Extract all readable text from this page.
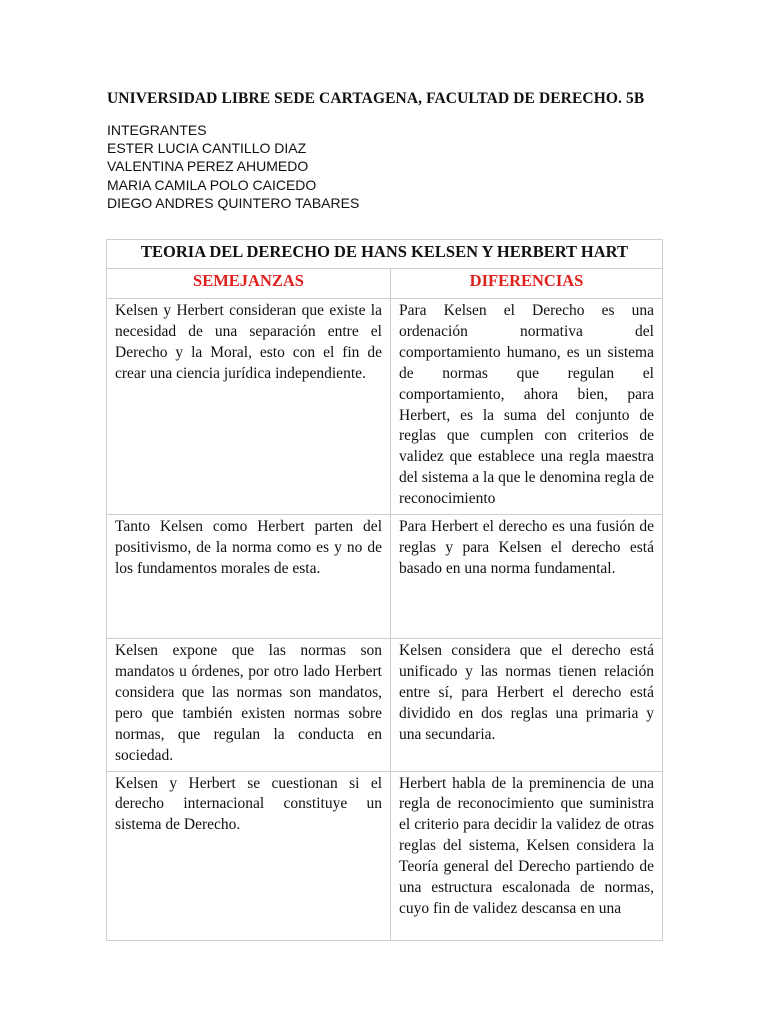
UNIVERSIDAD LIBRE SEDE CARTAGENA, FACULTAD DE DERECHO. 5B
INTEGRANTES
ESTER LUCIA CANTILLO DIAZ
VALENTINA PEREZ AHUMEDO
MARIA CAMILA POLO CAICEDO
DIEGO ANDRES QUINTERO TABARES
TEORIA DEL DERECHO DE HANS KELSEN Y HERBERT HART	
SEMEJANZAS	DIFERENCIAS
Kelsen y Herbert consideran que existe la necesidad de una separación entre el Derecho y la Moral, esto con el fin de crear una ciencia jurídica independiente.	Para Kelsen el Derecho es una ordenación normativa del comportamiento humano, es un sistema de normas que regulan el comportamiento, ahora bien, para Herbert, es la suma del conjunto de reglas que cumplen con criterios de validez que establece una regla maestra del sistema a la que le denomina regla de reconocimiento
Tanto Kelsen como Herbert parten del positivismo, de la norma como es y no de los fundamentos morales de esta.	Para Herbert el derecho es una fusión de reglas y para Kelsen el derecho está basado en una norma fundamental.
Kelsen expone que las normas son mandatos u órdenes, por otro lado Herbert considera que las normas son mandatos, pero que también existen normas sobre normas, que regulan la conducta en sociedad.	Kelsen considera que el derecho está unificado y las normas tienen relación entre sí, para Herbert el derecho está dividido en dos reglas una primaria y una secundaria.
Kelsen y Herbert se cuestionan si el derecho internacional constituye un sistema de Derecho.	Herbert habla de la preminencia de una regla de reconocimiento que suministra el criterio para decidir la validez de otras reglas del sistema, Kelsen considera la Teoría general del Derecho partiendo de una estructura escalonada de normas, cuyo fin de validez descansa en una
